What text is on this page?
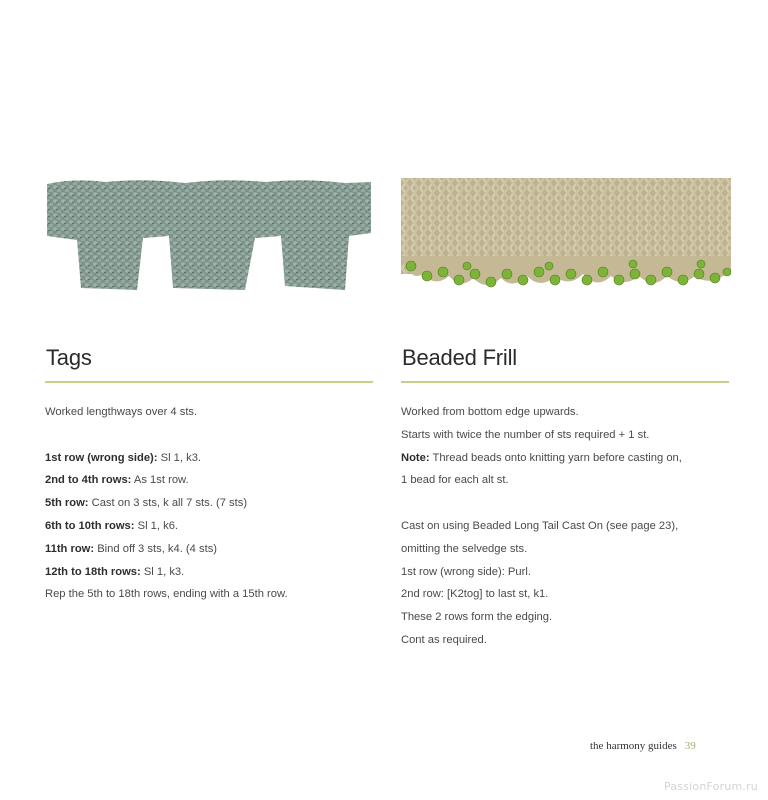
Tags
Worked lengthways over 4 sts.
1st row (wrong side): Sl 1, k3.
2nd to 4th rows: As 1st row.
5th row: Cast on 3 sts, k all 7 sts. (7 sts)
6th to 10th rows: Sl 1, k6.
11th row: Bind off 3 sts, k4. (4 sts)
12th to 18th rows: Sl 1, k3.
Rep the 5th to 18th rows, ending with a 15th row.
Beaded Frill
Worked from bottom edge upwards.
Starts with twice the number of sts required + 1 st.
Note: Thread beads onto knitting yarn before casting on,
1 bead for each alt st.
Cast on using Beaded Long Tail Cast On (see page 23),
omitting the selvedge sts.
1st row (wrong side): Purl.
2nd row: [K2tog] to last st, k1.
These 2 rows form the edging.
Cont as required.
the harmony guides 39
PassionForum.ru
